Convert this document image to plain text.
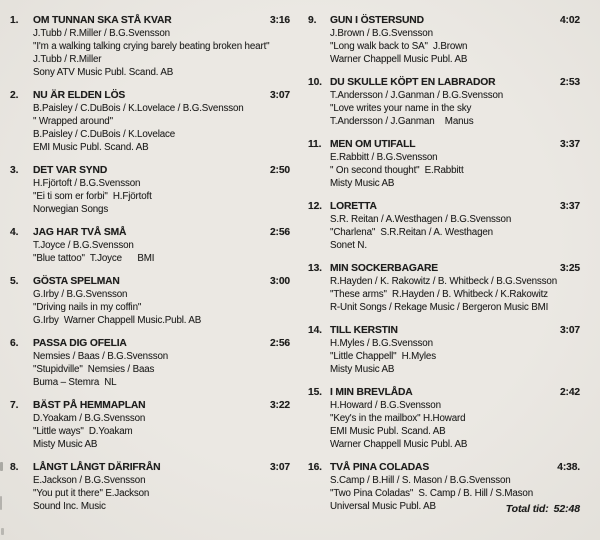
1.	OM TUNNAN SKA STÅ KVAR	3:16
J.Tubb / R.Miller / B.G.Svensson
"I'm a walking talking crying barely beating broken heart"
J.Tubb / R.Miller
Sony ATV Music Publ. Scand. AB
2.	NU ÄR ELDEN LÖS	3:07
B.Paisley / C.DuBois / K.Lovelace / B.G.Svensson
" Wrapped around"
B.Paisley / C.DuBois / K.Lovelace
EMI Music Publ. Scand. AB
3.	DET VAR SYND	2:50
H.Fjörtoft / B.G.Svensson
"Ei ti som er forbi"  H.Fjörtoft
Norwegian Songs
4.	JAG HAR TVÅ SMÅ	2:56
T.Joyce / B.G.Svensson
"Blue tattoo"  T.Joyce      BMI
5.	GÖSTA SPELMAN	3:00
G.Irby / B.G.Svensson
"Driving nails in my coffin"
G.Irby  Warner Chappell Music.Publ. AB
6.	PASSA DIG OFELIA	2:56
Nemsies / Baas / B.G.Svensson
"Stupidville"  Nemsies / Baas
Buma – Stemra  NL
7.	BÄST PÅ HEMMAPLAN	3:22
D.Yoakam / B.G.Svensson
"Little ways"  D.Yoakam
Misty Music AB
8.	LÅNGT LÅNGT DÄRIFRÅN	3:07
E.Jackson / B.G.Svensson
"You put it there" E.Jackson
Sound Inc. Music
9.	GUN I ÖSTERSUND	4:02
J.Brown / B.G.Svensson
"Long walk back to SA"  J.Brown
Warner Chappell Music Publ. AB
10. DU SKULLE KÖPT EN LABRADOR	2:53
T.Andersson / J.Ganman / B.G.Svensson
"Love writes your name in the sky
T.Andersson / J.Ganman    Manus
11. MEN OM UTIFALL	3:37
E.Rabbitt / B.G.Svensson
" On second thought"  E.Rabbitt
Misty Music AB
12. LORETTA	3:37
S.R. Reitan / A.Westhagen / B.G.Svensson
"Charlena"  S.R.Reitan / A. Westhagen
Sonet N.
13. MIN SOCKERBAGARE	3:25
R.Hayden / K. Rakowitz / B. Whitbeck / B.G.Svensson
"These arms"  R.Hayden / B. Whitbeck / K.Rakowitz
R-Unit Songs / Rekage Music / Bergeron Music BMI
14. TILL KERSTIN	3:07
H.Myles / B.G.Svensson
"Little Chappell"  H.Myles
Misty Music AB
15. I MIN BREVLÅDA	2:42
H.Howard / B.G.Svensson
"Key's in the mailbox" H.Howard
EMI Music Publ. Scand. AB
Warner Chappell Music Publ. AB
16. TVÅ PINA COLADAS	4:38.
S.Camp / B.Hill / S. Mason / B.G.Svensson
"Two Pina Coladas"  S. Camp / B. Hill / S.Mason
Universal Music Publ. AB	Total tid: 52:48
